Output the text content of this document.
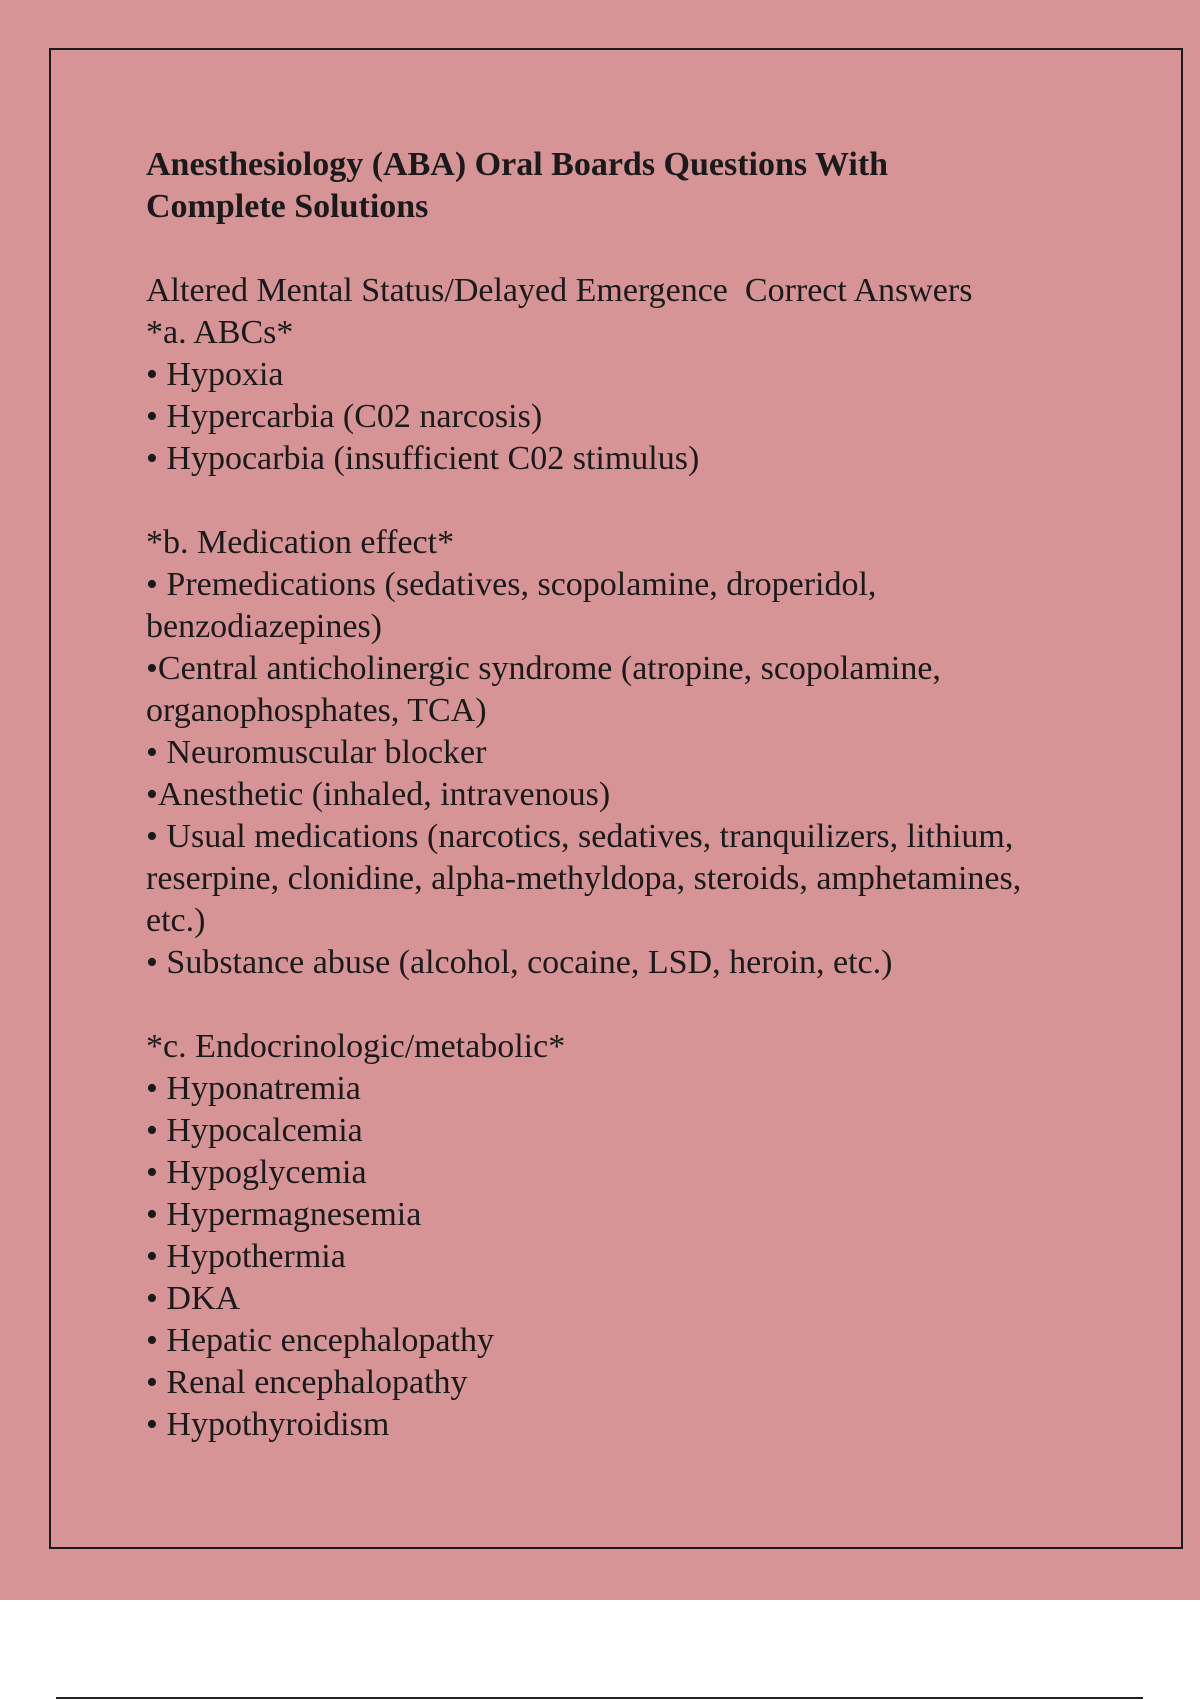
Anesthesiology (ABA) Oral Boards Questions With Complete Solutions

Altered Mental Status/Delayed Emergence  Correct Answers

*a. ABCs*

• Hypoxia

• Hypercarbia (C02 narcosis)

• Hypocarbia (insufficient C02 stimulus)

*b. Medication effect*

• Premedications (sedatives, scopolamine, droperidol,

benzodiazepines)

•Central anticholinergic syndrome (atropine, scopolamine,

organophosphates, TCA)

• Neuromuscular blocker

•Anesthetic (inhaled, intravenous)

• Usual medications (narcotics, sedatives, tranquilizers, lithium,

reserpine, clonidine, alpha-methyldopa, steroids, amphetamines,

etc.)

• Substance abuse (alcohol, cocaine, LSD, heroin, etc.)

*c. Endocrinologic/metabolic*

• Hyponatremia

• Hypocalcemia

• Hypoglycemia

• Hypermagnesemia

• Hypothermia

• DKA

• Hepatic encephalopathy

• Renal encephalopathy

• Hypothyroidism
